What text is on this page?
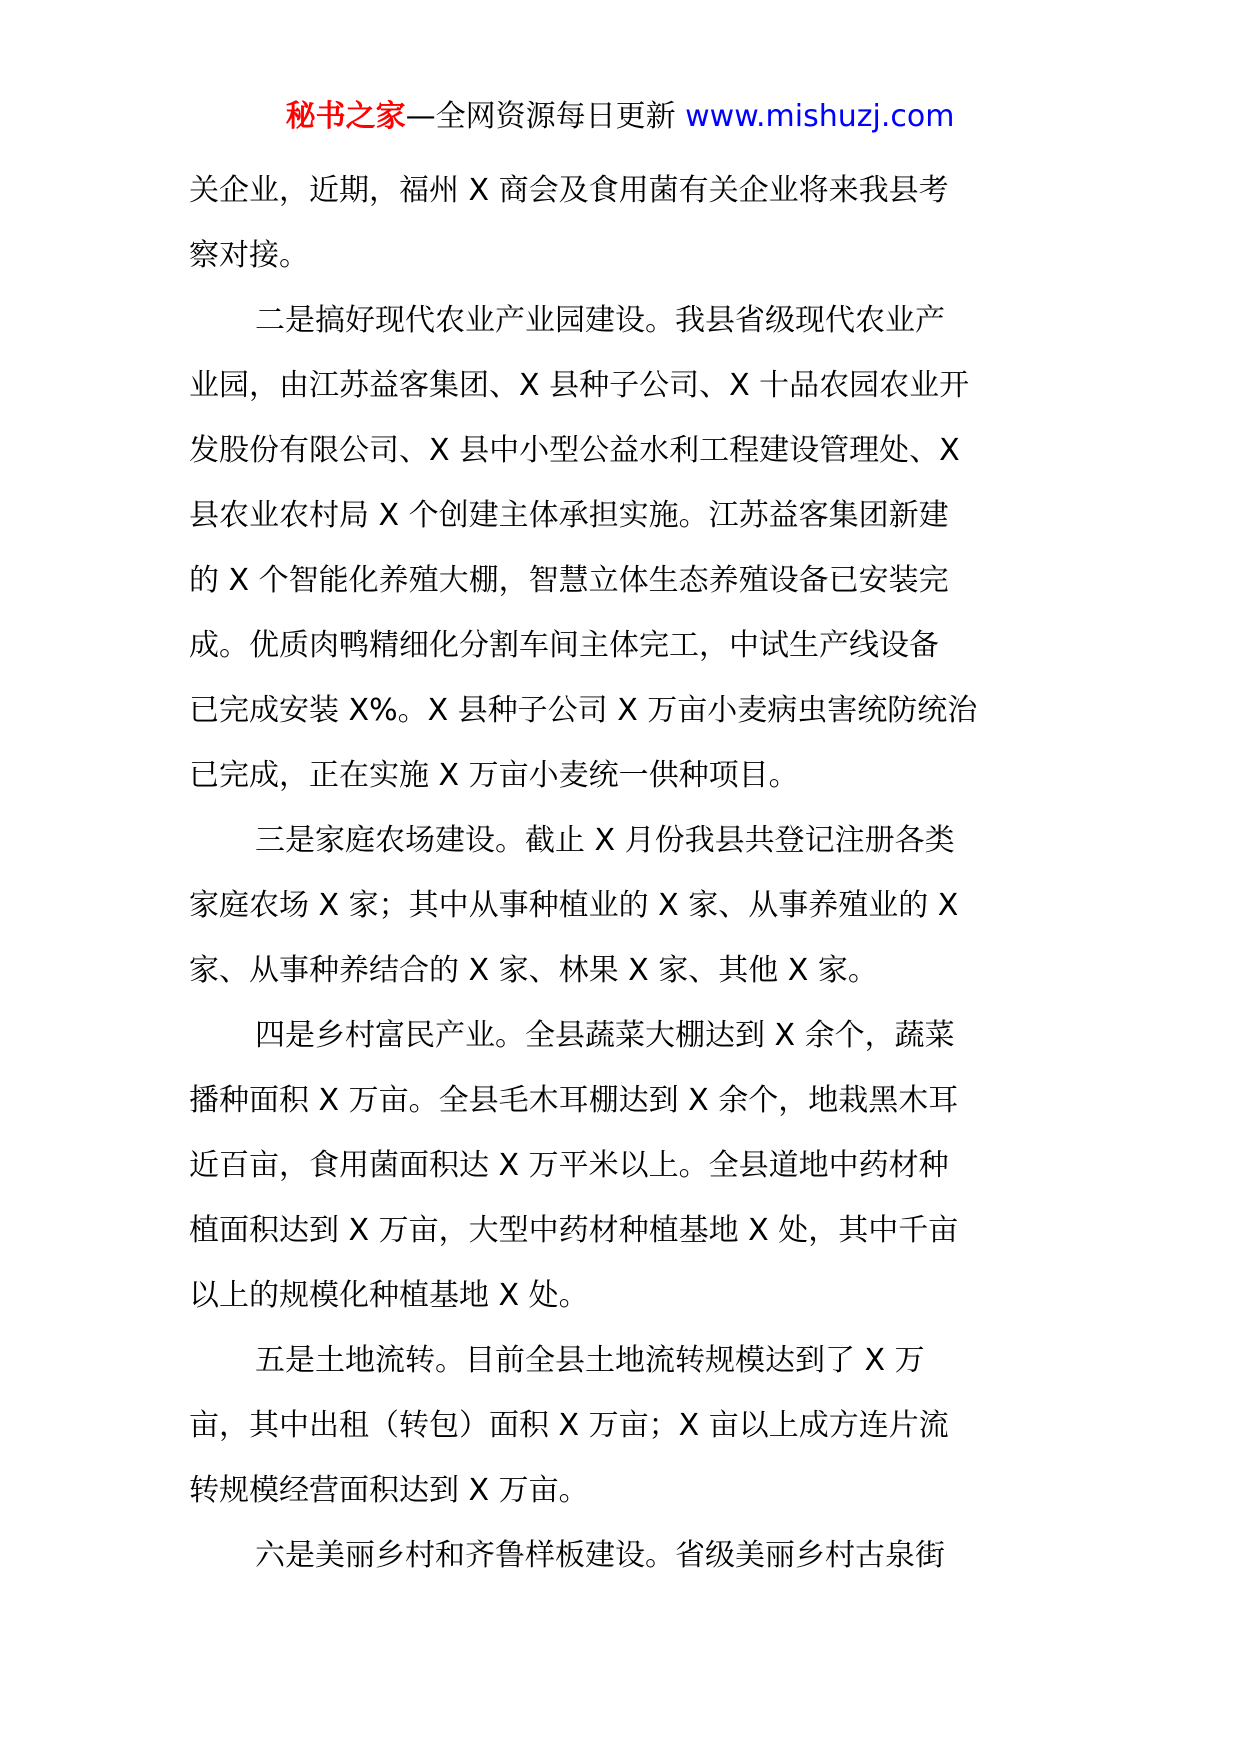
秘书之家—全网资源每日更新 www.mishuzj.com
关企业，近期，福州 X 商会及食用菌有关企业将来我县考
察对接。
二是搞好现代农业产业园建设。我县省级现代农业产
业园，由江苏益客集团、X 县种子公司、X 十品农园农业开
发股份有限公司、X 县中小型公益水利工程建设管理处、X
县农业农村局 X 个创建主体承担实施。江苏益客集团新建
的 X 个智能化养殖大棚，智慧立体生态养殖设备已安装完
成。优质肉鸭精细化分割车间主体完工，中试生产线设备
已完成安装 X%。X 县种子公司 X 万亩小麦病虫害统防统治
已完成，正在实施 X 万亩小麦统一供种项目。
三是家庭农场建设。截止 X 月份我县共登记注册各类
家庭农场 X 家；其中从事种植业的 X 家、从事养殖业的 X
家、从事种养结合的 X 家、林果 X 家、其他 X 家。
四是乡村富民产业。全县蔬菜大棚达到 X 余个，蔬菜
播种面积 X 万亩。全县毛木耳棚达到 X 余个，地栽黑木耳
近百亩，食用菌面积达 X 万平米以上。全县道地中药材种
植面积达到 X 万亩，大型中药材种植基地 X 处，其中千亩
以上的规模化种植基地 X 处。
五是土地流转。目前全县土地流转规模达到了 X 万
亩，其中出租（转包）面积 X 万亩；X 亩以上成方连片流
转规模经营面积达到 X 万亩。
六是美丽乡村和齐鲁样板建设。省级美丽乡村古泉街
